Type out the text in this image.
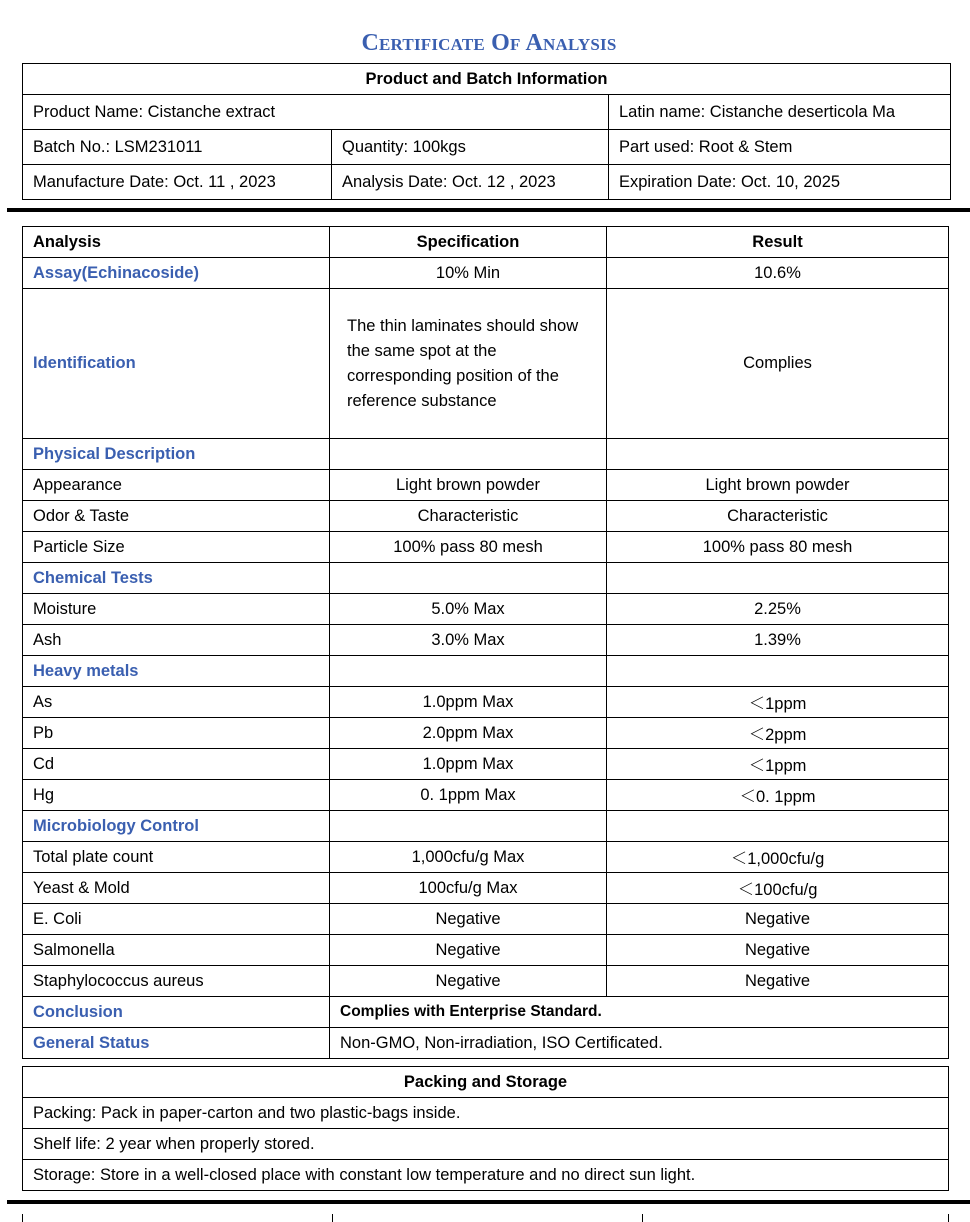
Certificate Of Analysis
Product and Batch Information		
Product Name: Cistanche extract		Latin name: Cistanche deserticola Ma
Batch No.: LSM231011	Quantity: 100kgs	Part used: Root & Stem
Manufacture Date: Oct. 11 , 2023	Analysis Date: Oct. 12 , 2023	Expiration Date: Oct. 10, 2025
Analysis	Specification	Result
Assay(Echinacoside)	10% Min	10.6%
Identification	The thin laminates should show the same spot at the corresponding position of the reference substance	Complies
Physical Description		
Appearance	Light brown powder	Light brown powder
Odor & Taste	Characteristic	Characteristic
Particle Size	100% pass 80 mesh	100% pass 80 mesh
Chemical Tests		
Moisture	5.0% Max	2.25%
Ash	3.0% Max	1.39%
Heavy metals		
As	1.0ppm Max	＜1ppm
Pb	2.0ppm Max	＜2ppm
Cd	1.0ppm Max	＜1ppm
Hg	0. 1ppm Max	＜0. 1ppm
Microbiology Control		
Total plate count	1,000cfu/g Max	＜1,000cfu/g
Yeast & Mold	100cfu/g Max	＜100cfu/g
E. Coli	Negative	Negative
Salmonella	Negative	Negative
Staphylococcus aureus	Negative	Negative
Conclusion	Complies with Enterprise Standard.	
General Status	Non-GMO, Non-irradiation, ISO Certificated.	
Packing and Storage
Packing: Pack in paper-carton and two plastic-bags inside.
Shelf life: 2 year when properly stored.
Storage: Store in a well-closed place with constant low temperature and no direct sun light.
